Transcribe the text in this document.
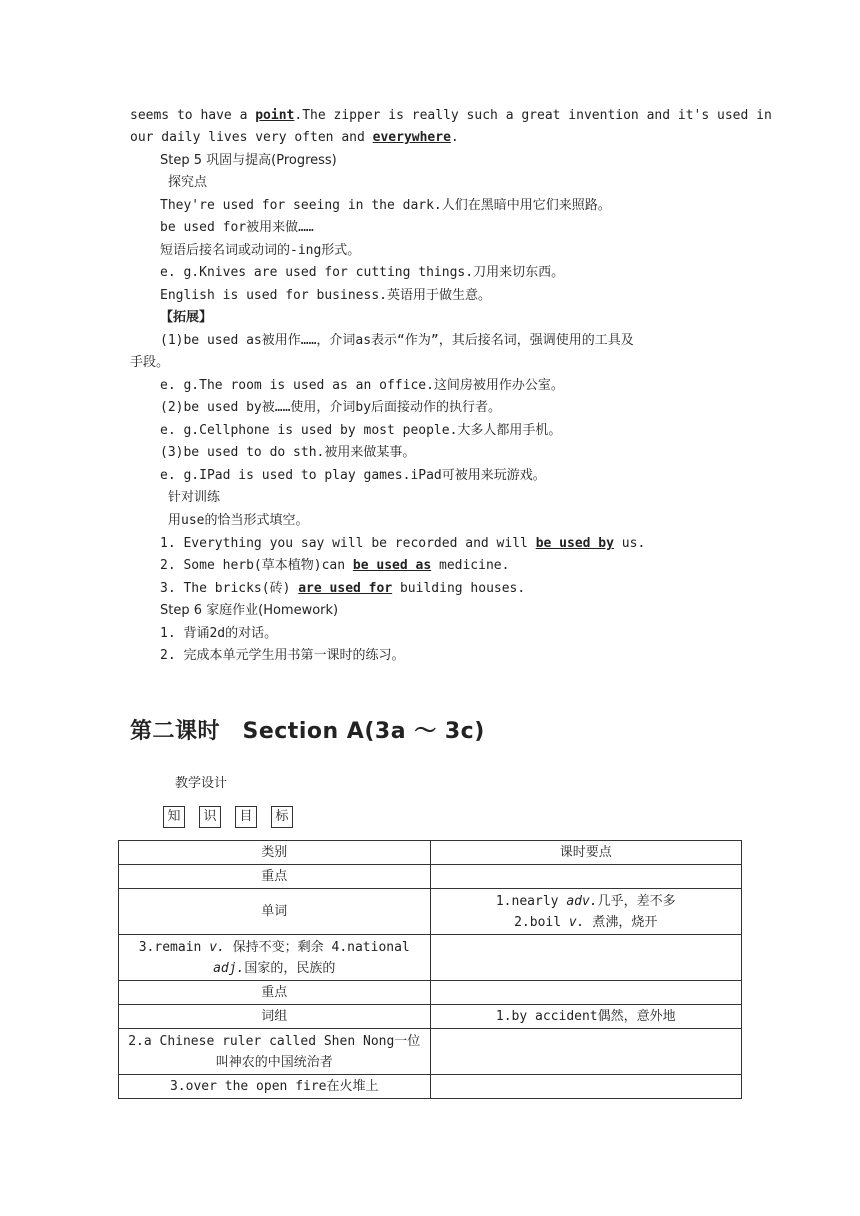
seems to have a point.The zipper is really such a great invention and it's used in
our daily lives very often and everywhere.
Step 5 巩固与提高(Progress)
探究点
They're used for seeing in the dark.人们在黑暗中用它们来照路。
be used for被用来做……
短语后接名词或动词的-ing形式。
e. g.Knives are used for cutting things.刀用来切东西。
English is used for business.英语用于做生意。
【拓展】
(1)be used as被用作……，介词as表示“作为”，其后接名词，强调使用的工具及
手段。
e. g.The room is used as an office.这间房被用作办公室。
(2)be used by被……使用，介词by后面接动作的执行者。
e. g.Cellphone is used by most people.大多人都用手机。
(3)be used to do sth.被用来做某事。
e. g.IPad is used to play games.iPad可被用来玩游戏。
针对训练
用use的恰当形式填空。
1. Everything you say will be recorded and will be used by us.
2. Some herb(草本植物)can be used as medicine.
3. The bricks(砖) are used for building houses.
Step 6 家庭作业(Homework)
1. 背诵2d的对话。
2. 完成本单元学生用书第一课时的练习。
第二课时　Section A(3a ～ 3c)
教学设计
知	识	目	标
类别	课时要点
重点	
单词	1.nearly adv.几乎，差不多
2.boil v. 煮沸，烧开

3.remain v. 保持不变；剩余 4.national
adj.国家的，民族的	

重点	
词组	1.by accident偶然，意外地

2.a Chinese ruler called Shen Nong一位
叫神农的中国统治者	

3.over the open fire在火堆上	
